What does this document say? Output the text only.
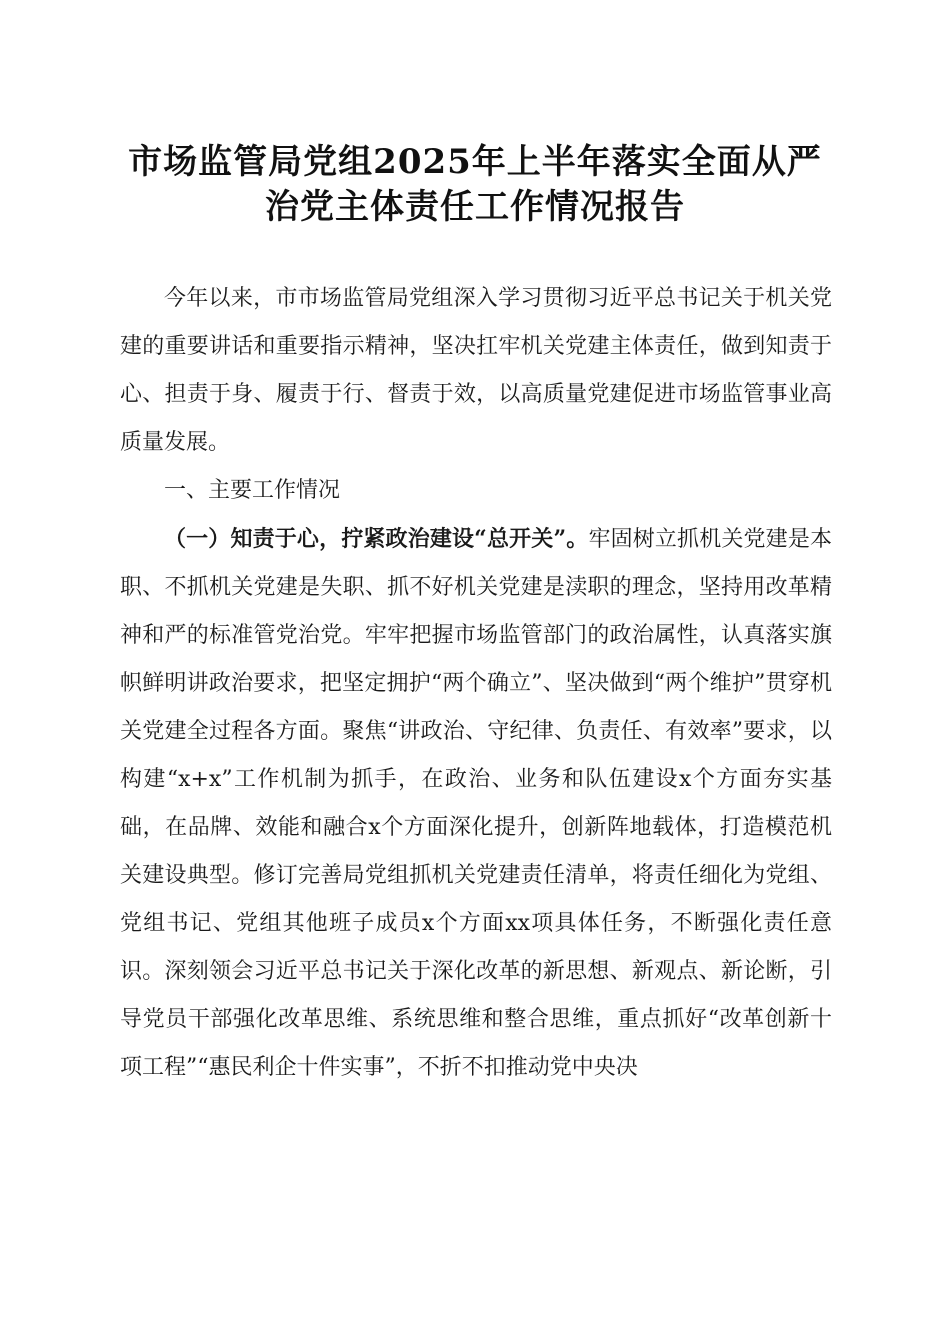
市场监管局党组2025年上半年落实全面从严
治党主体责任工作情况报告

今年以来，市市场监管局党组深入学习贯彻习近平总书记关于机关党建的重要讲话和重要指示精神，坚决扛牢机关党建主体责任，做到知责于心、担责于身、履责于行、督责于效，以高质量党建促进市场监管事业高质量发展。

一、主要工作情况

（一）知责于心，拧紧政治建设“总开关”。牢固树立抓机关党建是本职、不抓机关党建是失职、抓不好机关党建是渎职的理念，坚持用改革精神和严的标准管党治党。牢牢把握市场监管部门的政治属性，认真落实旗帜鲜明讲政治要求，把坚定拥护“两个确立”、坚决做到“两个维护”贯穿机关党建全过程各方面。聚焦“讲政治、守纪律、负责任、有效率”要求，以构建“x+x”工作机制为抓手，在政治、业务和队伍建设x个方面夯实基础，在品牌、效能和融合x个方面深化提升，创新阵地载体，打造模范机关建设典型。修订完善局党组抓机关党建责任清单，将责任细化为党组、党组书记、党组其他班子成员x个方面xx项具体任务，不断强化责任意识。深刻领会习近平总书记关于深化改革的新思想、新观点、新论断，引导党员干部强化改革思维、系统思维和整合思维，重点抓好“改革创新十项工程”“惠民利企十件实事”，不折不扣推动党中央决
